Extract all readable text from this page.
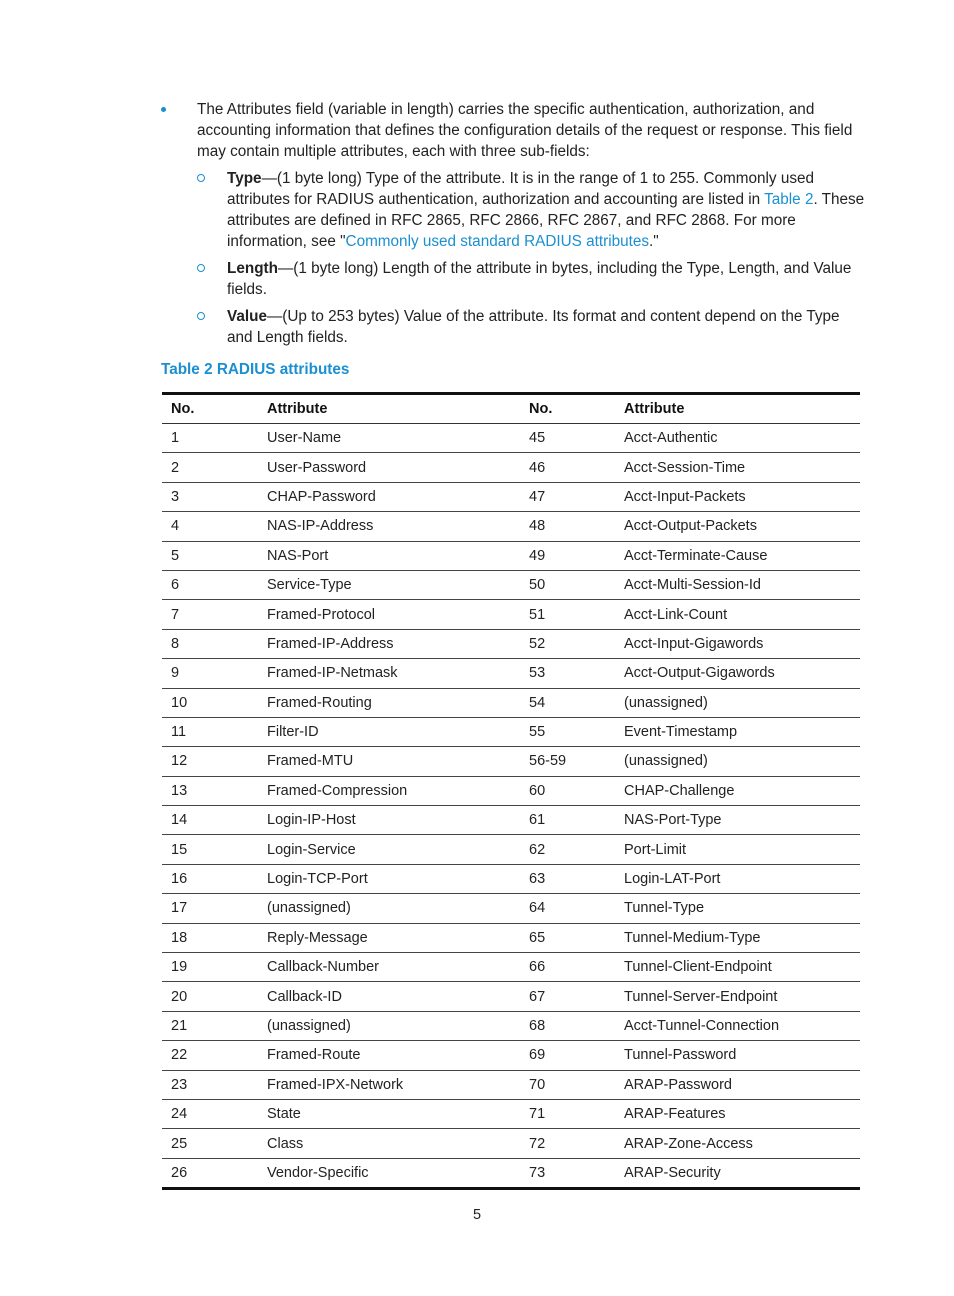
The Attributes field (variable in length) carries the specific authentication, authorization, and accounting information that defines the configuration details of the request or response. This field may contain multiple attributes, each with three sub-fields:
Type—(1 byte long) Type of the attribute. It is in the range of 1 to 255. Commonly used attributes for RADIUS authentication, authorization and accounting are listed in Table 2. These attributes are defined in RFC 2865, RFC 2866, RFC 2867, and RFC 2868. For more information, see "Commonly used standard RADIUS attributes."
Length—(1 byte long) Length of the attribute in bytes, including the Type, Length, and Value fields.
Value—(Up to 253 bytes) Value of the attribute. Its format and content depend on the Type and Length fields.
Table 2 RADIUS attributes
No.	Attribute	No.	Attribute
1	User-Name	45	Acct-Authentic
2	User-Password	46	Acct-Session-Time
3	CHAP-Password	47	Acct-Input-Packets
4	NAS-IP-Address	48	Acct-Output-Packets
5	NAS-Port	49	Acct-Terminate-Cause
6	Service-Type	50	Acct-Multi-Session-Id
7	Framed-Protocol	51	Acct-Link-Count
8	Framed-IP-Address	52	Acct-Input-Gigawords
9	Framed-IP-Netmask	53	Acct-Output-Gigawords
10	Framed-Routing	54	(unassigned)
11	Filter-ID	55	Event-Timestamp
12	Framed-MTU	56-59	(unassigned)
13	Framed-Compression	60	CHAP-Challenge
14	Login-IP-Host	61	NAS-Port-Type
15	Login-Service	62	Port-Limit
16	Login-TCP-Port	63	Login-LAT-Port
17	(unassigned)	64	Tunnel-Type
18	Reply-Message	65	Tunnel-Medium-Type
19	Callback-Number	66	Tunnel-Client-Endpoint
20	Callback-ID	67	Tunnel-Server-Endpoint
21	(unassigned)	68	Acct-Tunnel-Connection
22	Framed-Route	69	Tunnel-Password
23	Framed-IPX-Network	70	ARAP-Password
24	State	71	ARAP-Features
25	Class	72	ARAP-Zone-Access
26	Vendor-Specific	73	ARAP-Security
5
